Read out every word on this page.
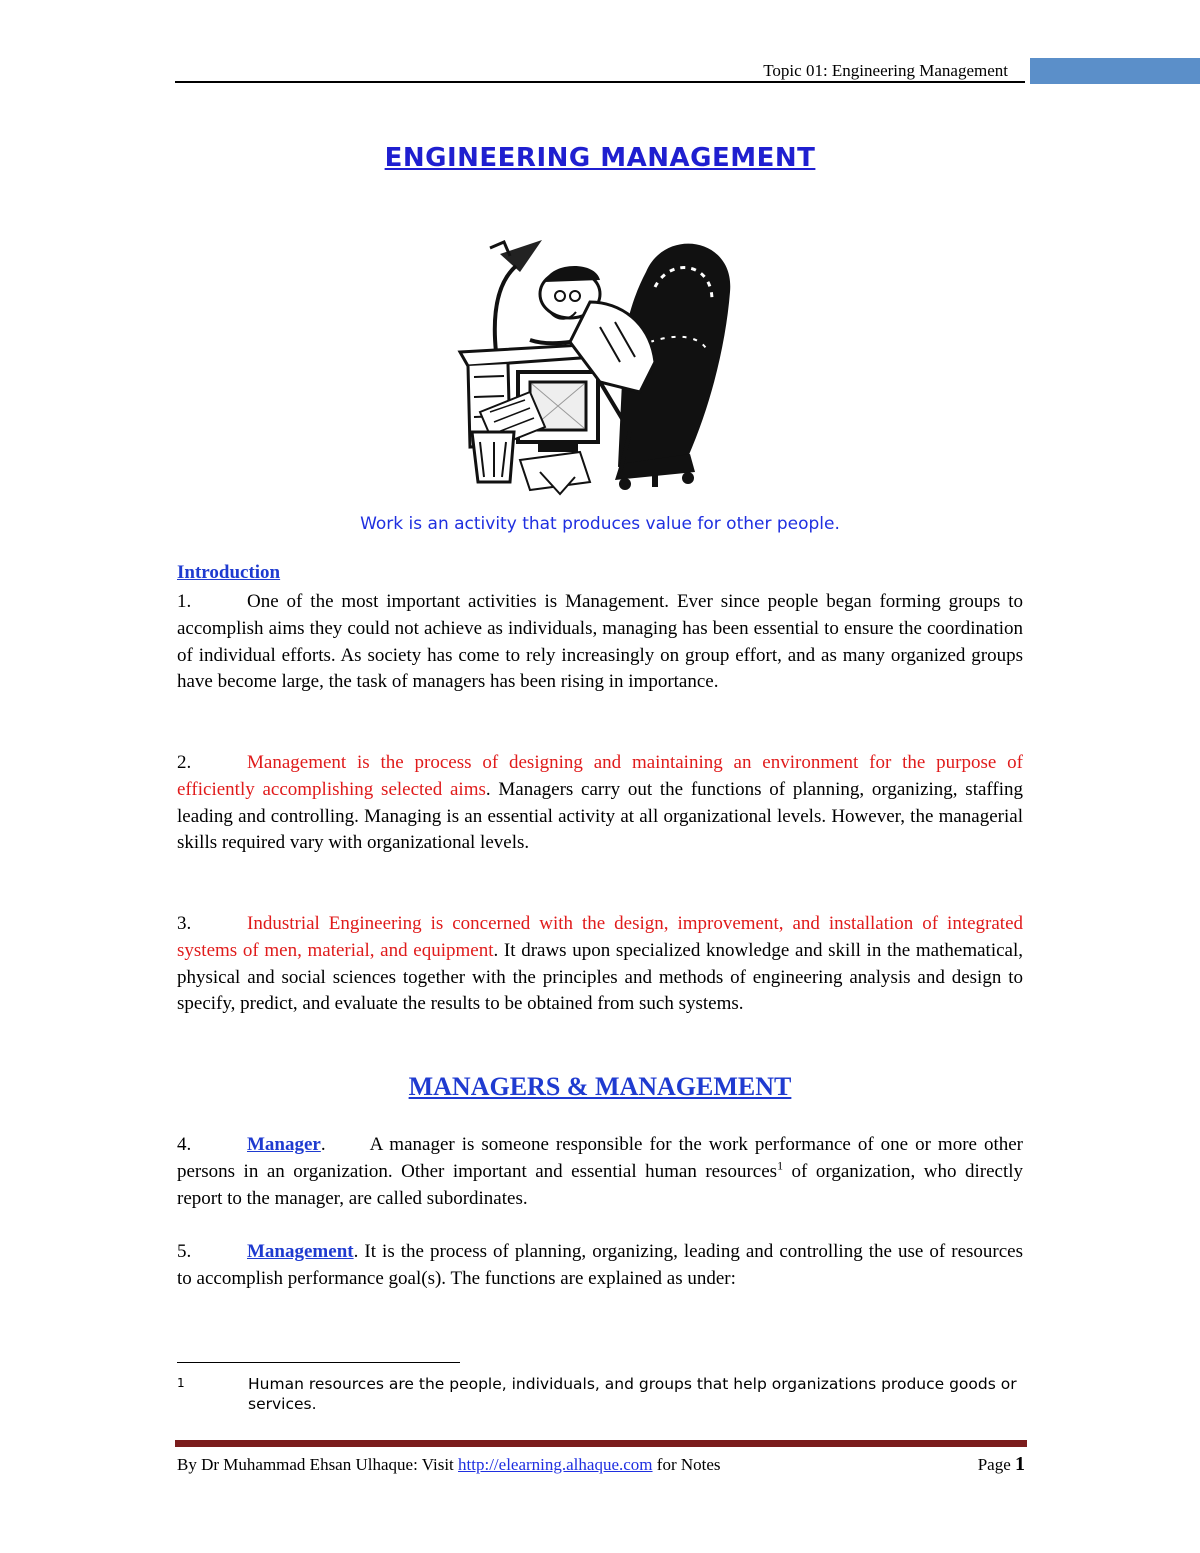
Topic 01: Engineering Management
ENGINEERING MANAGEMENT
Work is an activity that produces value for other people.
Introduction
1.	One of the most important activities is Management. Ever since people began forming groups to accomplish aims they could not achieve as individuals, managing has been essential to ensure the coordination of individual efforts. As society has come to rely increasingly on group effort, and as many organized groups have become large, the task of managers has been rising in importance.
2.	Management is the process of designing and maintaining an environment for the purpose of efficiently accomplishing selected aims. Managers carry out the functions of planning, organizing, staffing leading and controlling. Managing is an essential activity at all organizational levels. However, the managerial skills required vary with organizational levels.
3.	Industrial Engineering is concerned with the design, improvement, and installation of integrated systems of men, material, and equipment. It draws upon specialized knowledge and skill in the mathematical, physical and social sciences together with the principles and methods of engineering analysis and design to specify, predict, and evaluate the results to be obtained from such systems.
MANAGERS & MANAGEMENT
4.	Manager. A manager is someone responsible for the work performance of one or more other persons in an organization. Other important and essential human resources$^1$ of organization, who directly report to the manager, are called subordinates.
5.	Management. It is the process of planning, organizing, leading and controlling the use of resources to accomplish performance goal(s). The functions are explained as under:
1	Human resources are the people, individuals, and groups that help organizations produce goods or services.
By Dr Muhammad Ehsan Ulhaque: Visit http://elearning.alhaque.com for Notes	Page 1
